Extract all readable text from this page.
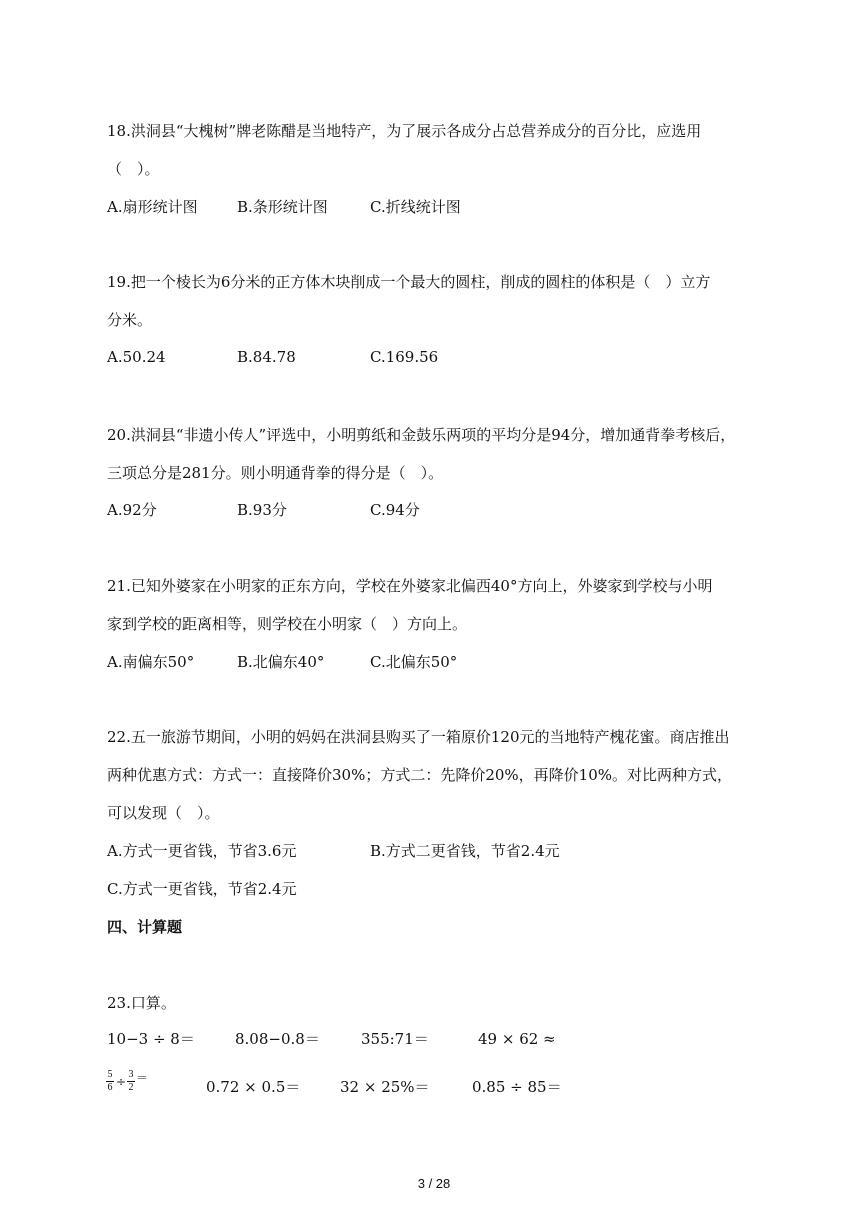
18.洪洞县“大槐树”牌老陈醋是当地特产，为了展示各成分占总营养成分的百分比，应选用
（　）。
A.扇形统计图	B.条形统计图	C.折线统计图
19.把一个棱长为6分米的正方体木块削成一个最大的圆柱，削成的圆柱的体积是（　）立方
分米。
A.50.24	B.84.78	C.169.56
20.洪洞县“非遗小传人”评选中，小明剪纸和金鼓乐两项的平均分是94分，增加通背拳考核后，
三项总分是281分。则小明通背拳的得分是（　）。
A.92分	B.93分	C.94分
21.已知外婆家在小明家的正东方向，学校在外婆家北偏西40°方向上，外婆家到学校与小明
家到学校的距离相等，则学校在小明家（　）方向上。
A.南偏东50°	B.北偏东40°	C.北偏东50°
22.五一旅游节期间，小明的妈妈在洪洞县购买了一箱原价120元的当地特产槐花蜜。商店推出
两种优惠方式：方式一：直接降价30%；方式二：先降价20%，再降价10%。对比两种方式，
可以发现（　）。
A.方式一更省钱，节省3.6元	B.方式二更省钱，节省2.4元
C.方式一更省钱，节省2.4元
四、计算题
23.口算。
10−3 ÷ 8＝	8.08−0.8＝	355:71＝	49 × 62 ≈
5
6 ÷
3
2
＝	0.72 × 0.5＝	32 × 25%＝	0.85 ÷ 85＝
3 / 28
